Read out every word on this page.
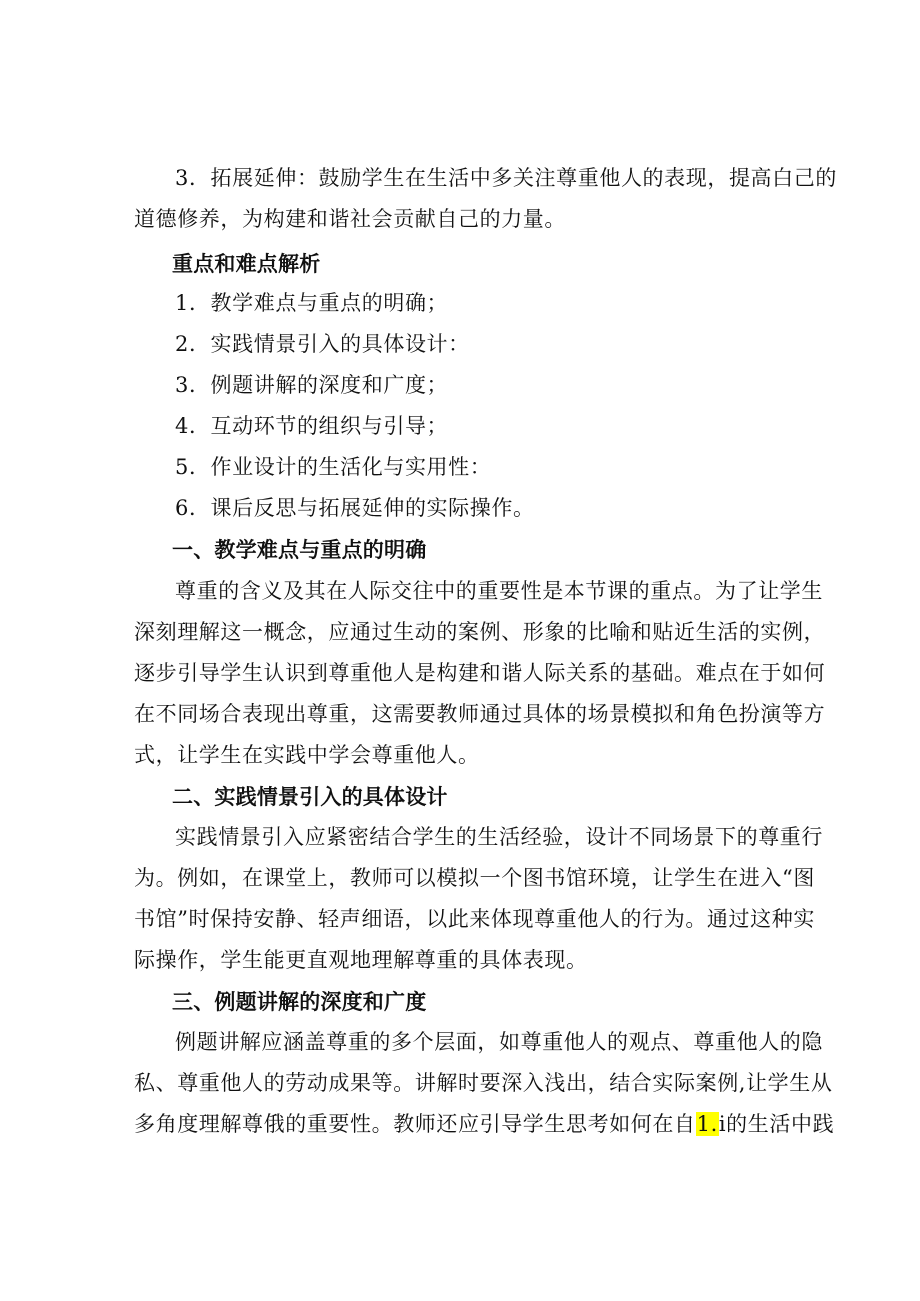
3．拓展延伸：鼓励学生在生活中多关注尊重他人的表现，提高白己的
道德修养，为构建和谐社会贡献自己的力量。
重点和难点解析
1．教学难点与重点的明确；
2．实践情景引入的具体设计：
3．例题讲解的深度和广度；
4．互动环节的组织与引导；
5．作业设计的生活化与实用性：
6．课后反思与拓展延伸的实际操作。
一、教学难点与重点的明确
尊重的含义及其在人际交往中的重要性是本节课的重点。为了让学生
深刻理解这一概念，应通过生动的案例、形象的比喻和贴近生活的实例，
逐步引导学生认识到尊重他人是构建和谐人际关系的基础。难点在于如何
在不同场合表现出尊重，这需要教师通过具体的场景模拟和角色扮演等方
式，让学生在实践中学会尊重他人。
二、实践情景引入的具体设计
实践情景引入应紧密结合学生的生活经验，设计不同场景下的尊重行
为。例如，在课堂上，教师可以模拟一个图书馆环境，让学生在进入“图
书馆”时保持安静、轻声细语，以此来体现尊重他人的行为。通过这种实
际操作，学生能更直观地理解尊重的具体表现。
三、例题讲解的深度和广度
例题讲解应涵盖尊重的多个层面，如尊重他人的观点、尊重他人的隐
私、尊重他人的劳动成果等。讲解时要深入浅出，结合实际案例,让学生从
多角度理解尊俄的重要性。教师还应引导学生思考如何在自1.i的生活中践
